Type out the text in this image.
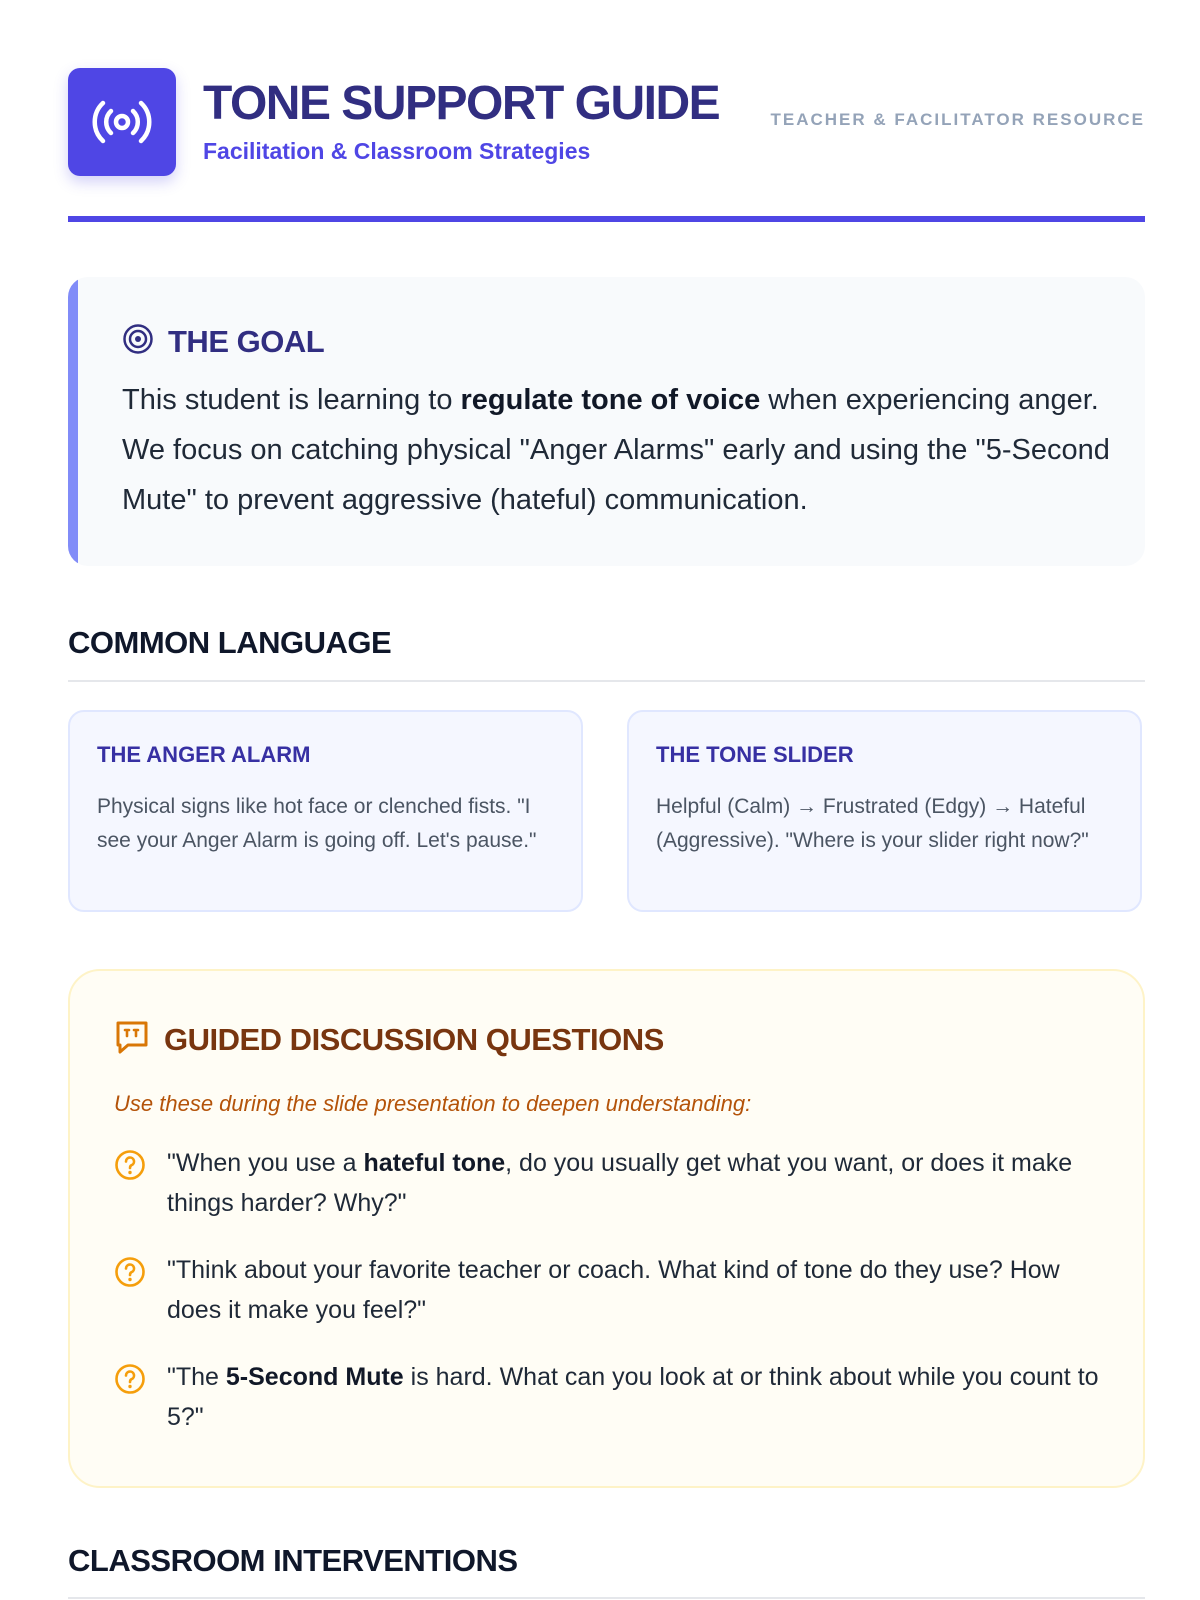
TONE SUPPORT GUIDE
Facilitation & Classroom Strategies
TEACHER & FACILITATOR RESOURCE
THE GOAL
This student is learning to regulate tone of voice when experiencing anger. We focus on catching physical "Anger Alarms" early and using the "5-Second Mute" to prevent aggressive (hateful) communication.
COMMON LANGUAGE
THE ANGER ALARM
Physical signs like hot face or clenched fists. "I see your Anger Alarm is going off. Let's pause."
THE TONE SLIDER
Helpful (Calm) → Frustrated (Edgy) → Hateful (Aggressive). "Where is your slider right now?"
GUIDED DISCUSSION QUESTIONS
Use these during the slide presentation to deepen understanding:
"When you use a hateful tone, do you usually get what you want, or does it make things harder? Why?"
"Think about your favorite teacher or coach. What kind of tone do they use? How does it make you feel?"
"The 5-Second Mute is hard. What can you look at or think about while you count to 5?"
CLASSROOM INTERVENTIONS
